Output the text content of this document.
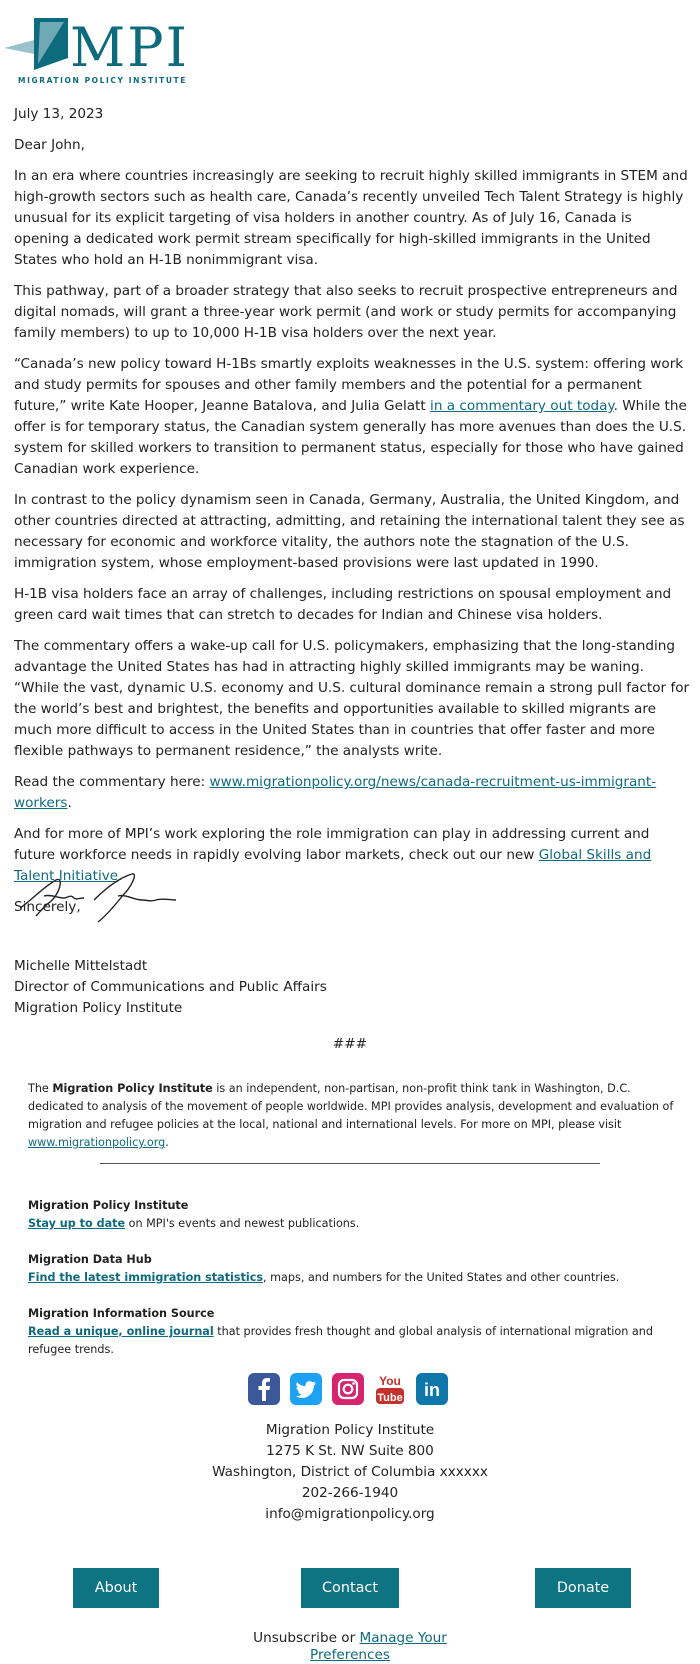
MPI
MIGRATION POLICY INSTITUTE

July 13, 2023

Dear John,

In an era where countries increasingly are seeking to recruit highly skilled immigrants in STEM and high-growth sectors such as health care, Canada’s recently unveiled Tech Talent Strategy is highly unusual for its explicit targeting of visa holders in another country. As of July 16, Canada is opening a dedicated work permit stream specifically for high-skilled immigrants in the United States who hold an H-1B nonimmigrant visa.

This pathway, part of a broader strategy that also seeks to recruit prospective entrepreneurs and digital nomads, will grant a three-year work permit (and work or study permits for accompanying family members) to up to 10,000 H-1B visa holders over the next year.

“Canada’s new policy toward H-1Bs smartly exploits weaknesses in the U.S. system: offering work and study permits for spouses and other family members and the potential for a permanent future,” write Kate Hooper, Jeanne Batalova, and Julia Gelatt in a commentary out today. While the offer is for temporary status, the Canadian system generally has more avenues than does the U.S. system for skilled workers to transition to permanent status, especially for those who have gained Canadian work experience.

In contrast to the policy dynamism seen in Canada, Germany, Australia, the United Kingdom, and other countries directed at attracting, admitting, and retaining the international talent they see as necessary for economic and workforce vitality, the authors note the stagnation of the U.S. immigration system, whose employment-based provisions were last updated in 1990.

H-1B visa holders face an array of challenges, including restrictions on spousal employment and green card wait times that can stretch to decades for Indian and Chinese visa holders.

The commentary offers a wake-up call for U.S. policymakers, emphasizing that the long-standing advantage the United States has had in attracting highly skilled immigrants may be waning. “While the vast, dynamic U.S. economy and U.S. cultural dominance remain a strong pull factor for the world’s best and brightest, the benefits and opportunities available to skilled migrants are much more difficult to access in the United States than in countries that offer faster and more flexible pathways to permanent residence,” the analysts write.

Read the commentary here: www.migrationpolicy.org/news/canada-recruitment-us-immigrant-workers.

And for more of MPI’s work exploring the role immigration can play in addressing current and future workforce needs in rapidly evolving labor markets, check out our new Global Skills and Talent Initiative.

Sincerely,

Michelle Mittelstadt
Director of Communications and Public Affairs
Migration Policy Institute
###
The Migration Policy Institute is an independent, non-partisan, non-profit think tank in Washington, D.C. dedicated to analysis of the movement of people worldwide. MPI provides analysis, development and evaluation of migration and refugee policies at the local, national and international levels. For more on MPI, please visit www.migrationpolicy.org.
Migration Policy Institute
Stay up to date on MPI's events and newest publications.
Migration Data Hub
Find the latest immigration statistics, maps, and numbers for the United States and other countries.
Migration Information Source
Read a unique, online journal that provides fresh thought and global analysis of international migration and refugee trends.
You
Tube in
Migration Policy Institute
1275 K St. NW Suite 800
Washington, District of Columbia xxxxxx
202-266-1940
info@migrationpolicy.org
About	Contact	Donate
Unsubscribe or Manage Your
Preferences
